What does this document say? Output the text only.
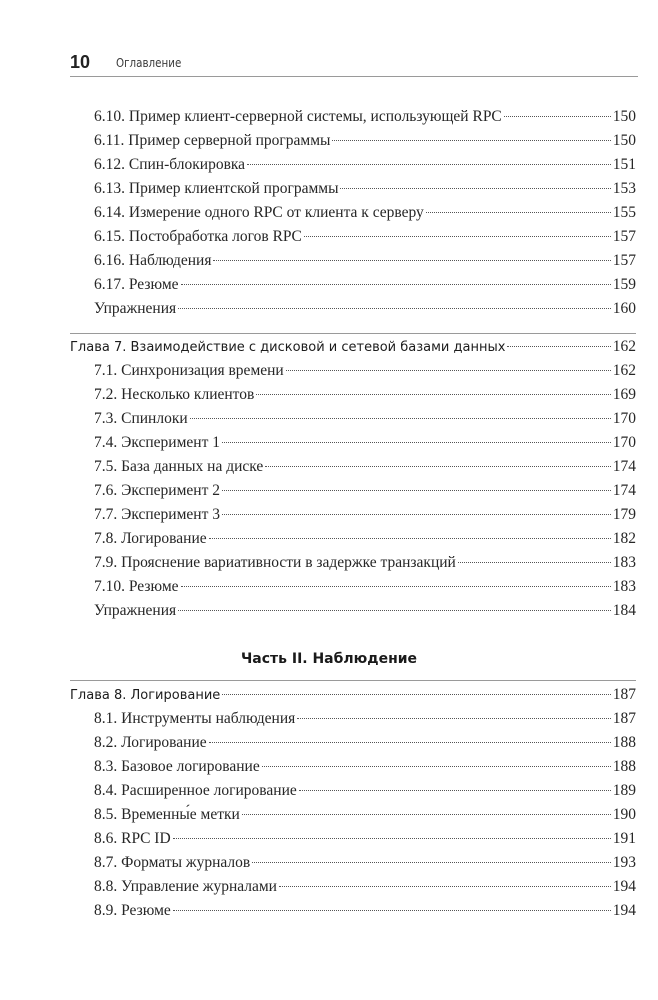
10 Оглавление
Часть II. Наблюдение
6.10. Пример клиент-серверной системы, использующей RPC	150
6.11. Пример серверной программы	150
6.12. Спин-блокировка	151
6.13. Пример клиентской программы	153
6.14. Измерение одного RPC от клиента к серверу	155
6.15. Постобработка логов RPC	157
6.16. Наблюдения	157
6.17. Резюме	159
Упражнения	160
Глава 7. Взаимодействие с дисковой и сетевой базами данных	162
7.1. Синхронизация времени	162
7.2. Несколько клиентов	169
7.3. Спинлоки	170
7.4. Эксперимент 1	170
7.5. База данных на диске	174
7.6. Эксперимент 2	174
7.7. Эксперимент 3	179
7.8. Логирование	182
7.9. Прояснение вариативности в задержке транзакций	183
7.10. Резюме	183
Упражнения	184
Глава 8. Логирование	187
8.1. Инструменты наблюдения	187
8.2. Логирование	188
8.3. Базовое логирование	188
8.4. Расширенное логирование	189
8.5. Временны́е метки	190
8.6. RPC ID	191
8.7. Форматы журналов	193
8.8. Управление журналами	194
8.9. Резюме	194
